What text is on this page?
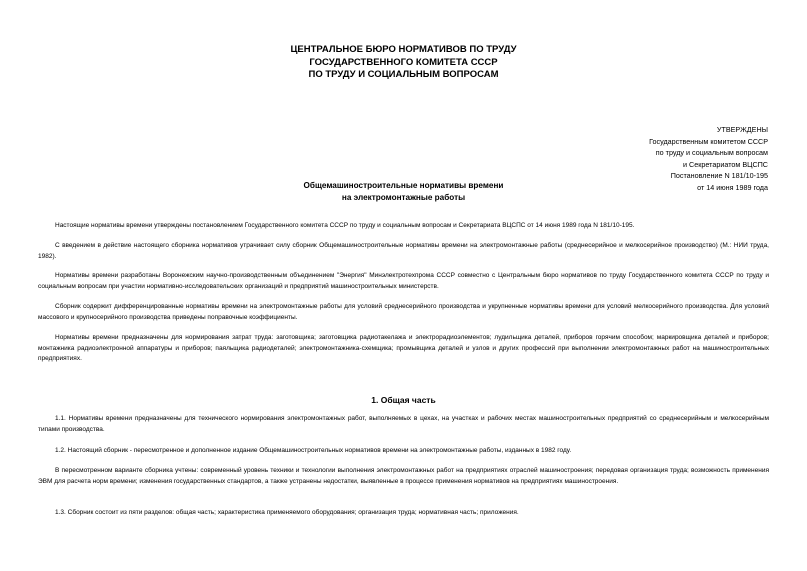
ЦЕНТРАЛЬНОЕ БЮРО НОРМАТИВОВ ПО ТРУДУ
ГОСУДАРСТВЕННОГО КОМИТЕТА СССР
ПО ТРУДУ И СОЦИАЛЬНЫМ ВОПРОСАМ
УТВЕРЖДЕНЫ
Государственным комитетом СССР
по труду и социальным вопросам
и Секретариатом ВЦСПС
Постановление N 181/10-195
от 14 июня 1989 года
Общемашиностроительные нормативы времени
на электромонтажные работы

Настоящие нормативы времени утверждены постановлением Государственного комитета СССР по труду и социальным вопросам и Секретариата ВЦСПС от 14 июня 1989 года N 181/10-195.

С введением в действие настоящего сборника нормативов утрачивает силу сборник Общемашиностроительные нормативы времени на электромонтажные работы (среднесерийное и мелкосерийное производство) (М.: НИИ труда, 1982).

Нормативы времени разработаны Воронежским научно-производственным объединением "Энергия" Минэлектротехпрома СССР совместно с Центральным бюро нормативов по труду Государственного комитета СССР по труду и социальным вопросам при участии нормативно-исследовательских организаций и предприятий машиностроительных министерств.

Сборник содержит дифференцированные нормативы времени на электромонтажные работы для условий среднесерийного производства и укрупненные нормативы времени для условий мелкосерийного производства. Для условий массового и крупносерийного производства приведены поправочные коэффициенты.

Нормативы времени предназначены для нормирования затрат труда: заготовщика; заготовщика радиотакелажа и электрорадиоэлементов; лудильщика деталей, приборов горячим способом; маркировщика деталей и приборов; монтажника радиоэлектронной аппаратуры и приборов; паяльщика радиодеталей; электромонтажника-схемщика; промывщика деталей и узлов и других профессий при выполнении электромонтажных работ на машиностроительных предприятиях.

1. Общая часть

1.1. Нормативы времени предназначены для технического нормирования электромонтажных работ, выполняемых в цехах, на участках и рабочих местах машиностроительных предприятий со среднесерийным и мелкосерийным типами производства.

1.2. Настоящий сборник - пересмотренное и дополненное издание Общемашиностроительных нормативов времени на электромонтажные работы, изданных в 1982 году.

В пересмотренном варианте сборника учтены: современный уровень техники и технологии выполнения электромонтажных работ на предприятиях отраслей машиностроения; передовая организация труда; возможность применения ЭВМ для расчета норм времени; изменения государственных стандартов, а также устранены недостатки, выявленные в процессе применения нормативов на предприятиях машиностроения.

1.3. Сборник состоит из пяти разделов: общая часть; характеристика применяемого оборудования; организация труда; нормативная часть; приложения.
